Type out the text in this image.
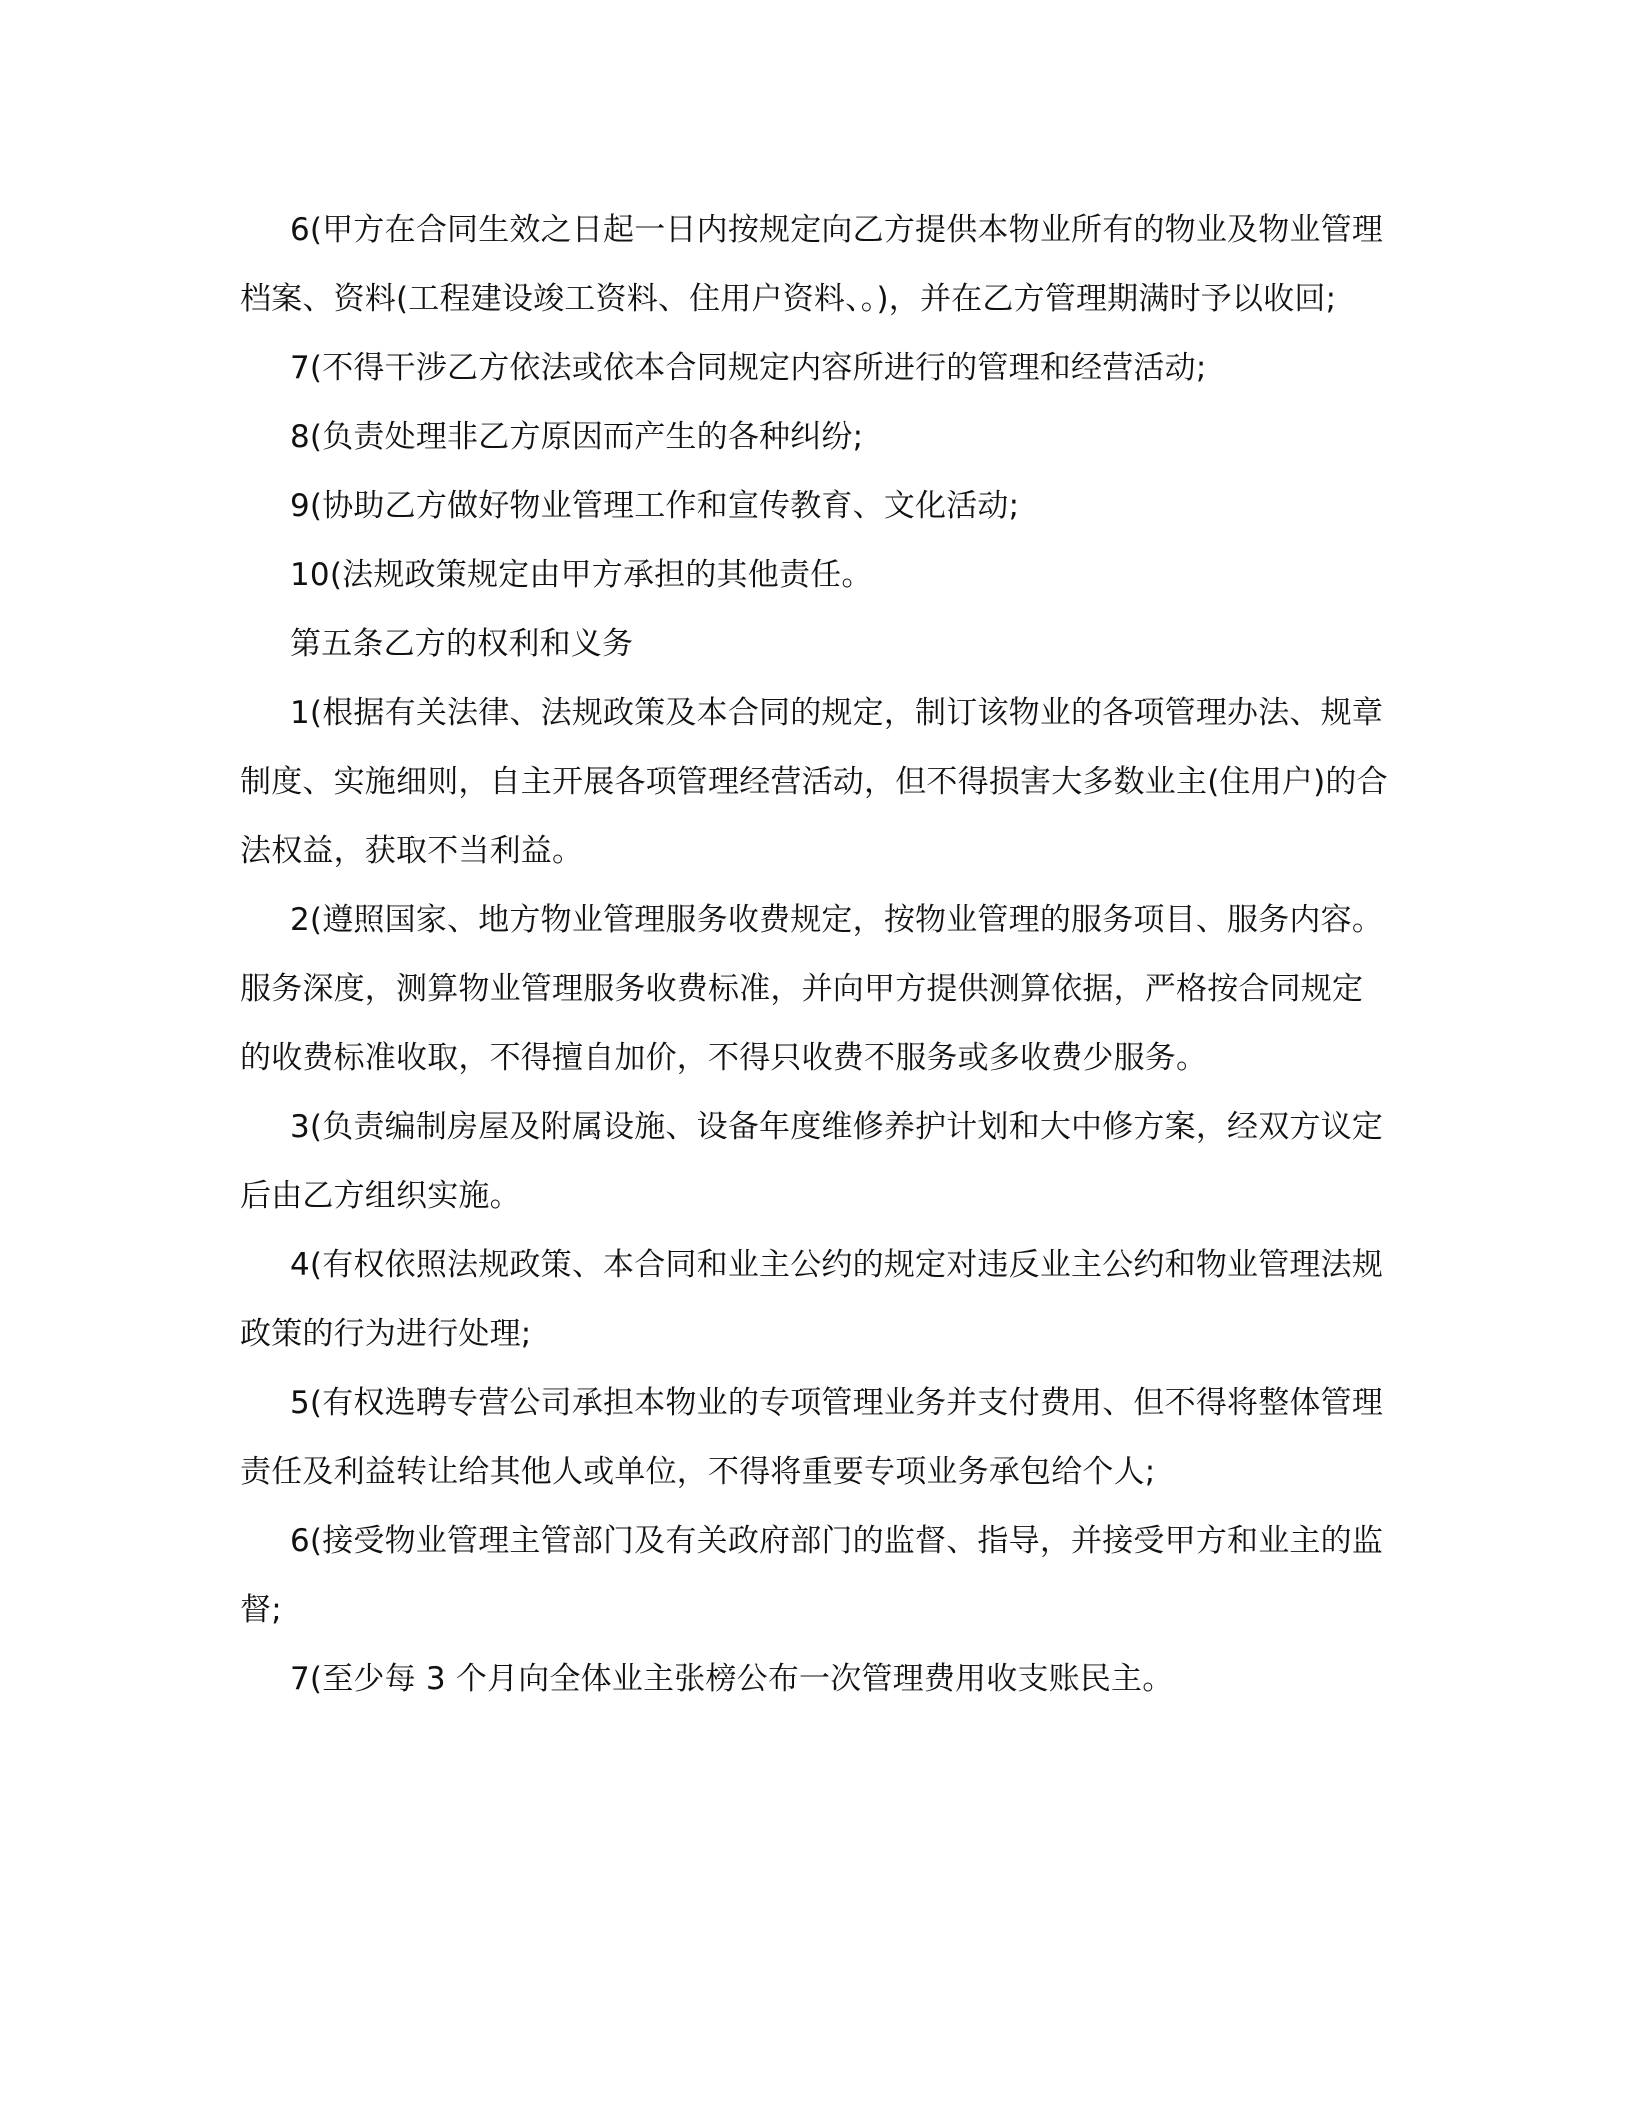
6(甲方在合同生效之日起一日内按规定向乙方提供本物业所有的物业及物业管理档案、资料(工程建设竣工资料、住用户资料、。)，并在乙方管理期满时予以收回;

7(不得干涉乙方依法或依本合同规定内容所进行的管理和经营活动;

8(负责处理非乙方原因而产生的各种纠纷;

9(协助乙方做好物业管理工作和宣传教育、文化活动;

10(法规政策规定由甲方承担的其他责任。

第五条乙方的权利和义务

1(根据有关法律、法规政策及本合同的规定，制订该物业的各项管理办法、规章制度、实施细则，自主开展各项管理经营活动，但不得损害大多数业主(住用户)的合法权益，获取不当利益。

2(遵照国家、地方物业管理服务收费规定，按物业管理的服务项目、服务内容。服务深度，测算物业管理服务收费标准，并向甲方提供测算依据，严格按合同规定的收费标准收取，不得擅自加价，不得只收费不服务或多收费少服务。

3(负责编制房屋及附属设施、设备年度维修养护计划和大中修方案，经双方议定后由乙方组织实施。

4(有权依照法规政策、本合同和业主公约的规定对违反业主公约和物业管理法规政策的行为进行处理;

5(有权选聘专营公司承担本物业的专项管理业务并支付费用、但不得将整体管理责任及利益转让给其他人或单位，不得将重要专项业务承包给个人;

6(接受物业管理主管部门及有关政府部门的监督、指导，并接受甲方和业主的监督;

7(至少每 3 个月向全体业主张榜公布一次管理费用收支账民主。
